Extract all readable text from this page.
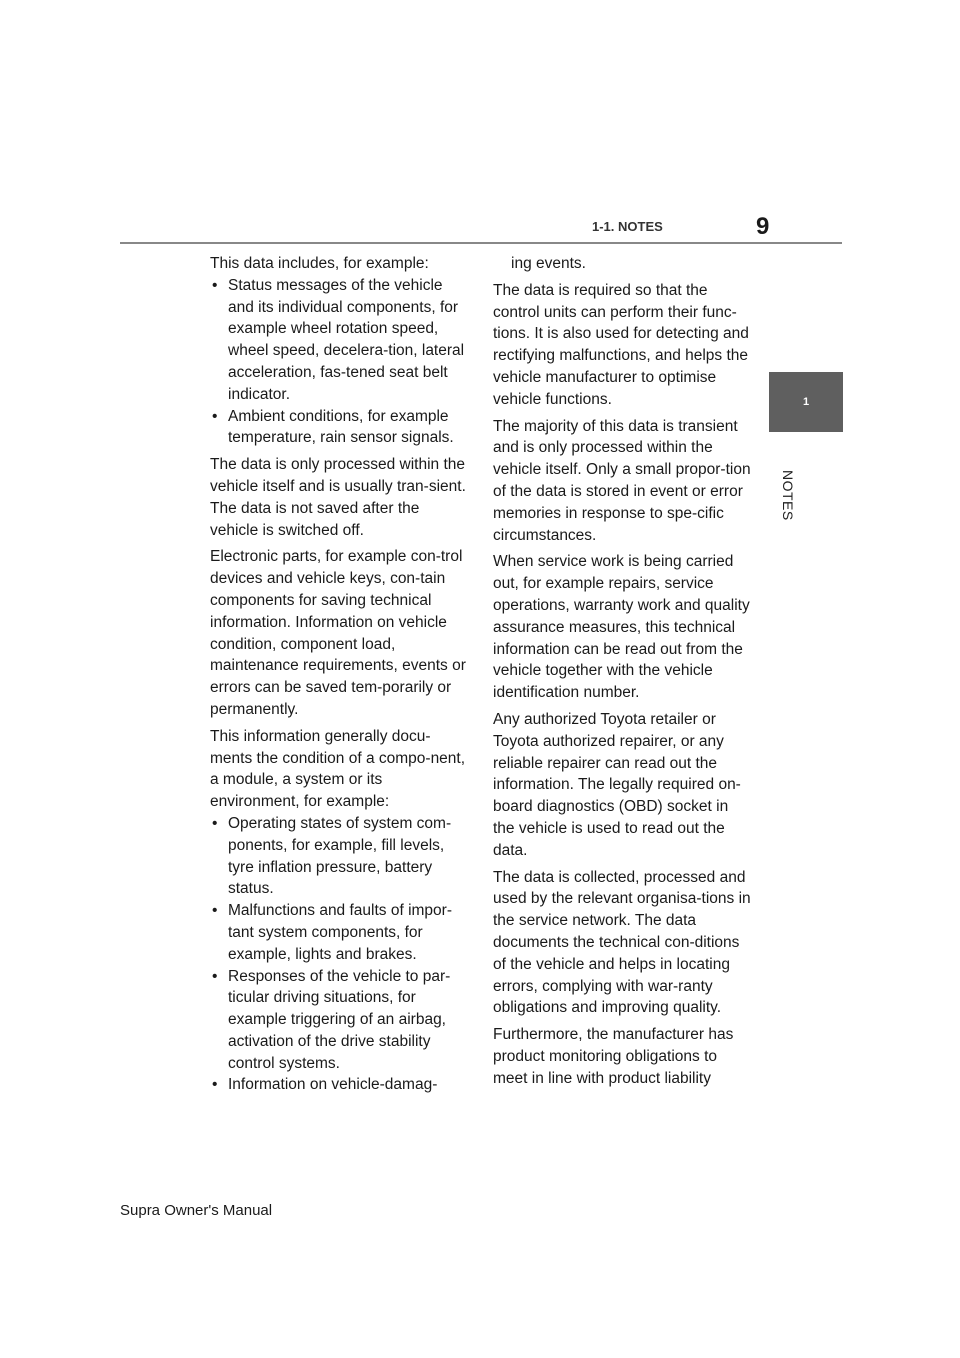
1-1. NOTES	9
1
NOTES

This data includes, for example:

• Status messages of the vehicle and its individual components, for example wheel rotation speed, wheel speed, decelera-tion, lateral acceleration, fas-tened seat belt indicator.
• Ambient conditions, for example temperature, rain sensor signals.

The data is only processed within the vehicle itself and is usually tran-sient. The data is not saved after the vehicle is switched off.

Electronic parts, for example con-trol devices and vehicle keys, con-tain components for saving technical information. Information on vehicle condition, component load, maintenance requirements, events or errors can be saved tem-porarily or permanently.

This information generally docu-ments the condition of a compo-nent, a module, a system or its environment, for example:

• Operating states of system com-ponents, for example, fill levels, tyre inflation pressure, battery status.
• Malfunctions and faults of impor-tant system components, for example, lights and brakes.
• Responses of the vehicle to par-ticular driving situations, for example triggering of an airbag, activation of the drive stability control systems.
• Information on vehicle-damag-

ing events.

The data is required so that the control units can perform their func-tions. It is also used for detecting and rectifying malfunctions, and helps the vehicle manufacturer to optimise vehicle functions.

The majority of this data is transient and is only processed within the vehicle itself. Only a small propor-tion of the data is stored in event or error memories in response to spe-cific circumstances.

When service work is being carried out, for example repairs, service operations, warranty work and quality assurance measures, this technical information can be read out from the vehicle together with the vehicle identification number.

Any authorized Toyota retailer or Toyota authorized repairer, or any reliable repairer can read out the information. The legally required on-board diagnostics (OBD) socket in the vehicle is used to read out the data.

The data is collected, processed and used by the relevant organisa-tions in the service network. The data documents the technical con-ditions of the vehicle and helps in locating errors, complying with war-ranty obligations and improving quality.

Furthermore, the manufacturer has product monitoring obligations to meet in line with product liability

Supra Owner's Manual
